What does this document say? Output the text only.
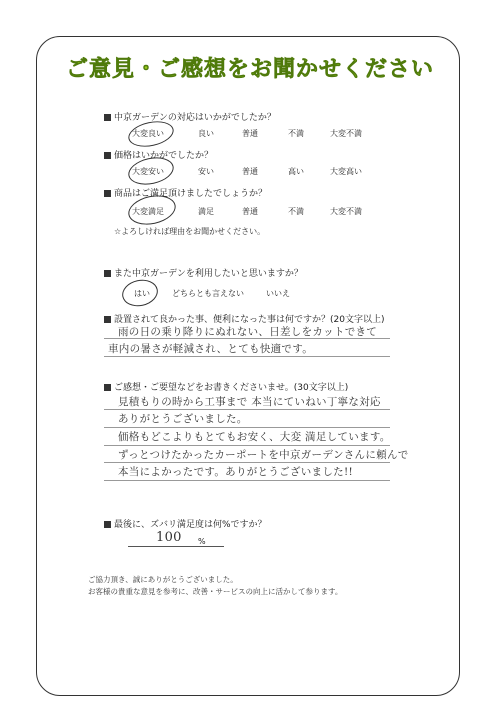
ご意見・ご感想をお聞かせください
中京ガーデンの対応はいかがでしたか？
大変良い	良い	普通	不満	大変不満
価格はいかがでしたか？
大変安い	安い	普通	高い	大変高い
商品はご満足頂けましたでしょうか？
大変満足	満足	普通	不満	大変不満
☆よろしければ理由をお聞かせください。
また中京ガーデンを利用したいと思いますか？
はい	どちらとも言えない	いいえ
設置されて良かった事、便利になった事は何ですか？(20文字以上)
雨の日の乗り降りにぬれない、日差しをカットできて
車内の暑さが軽減され、とても快適です。
ご感想・ご要望などをお書きくださいませ。(30文字以上)
見積もりの時から工事まで 本当にていねい丁寧な対応
ありがとうございました。
価格もどこよりもとてもお安く、大変 満足しています。
ずっとつけたかったカーポートを中京ガーデンさんに頼んで
本当によかったです。ありがとうございました!!
最後に、ズバリ満足度は何%ですか？
100 %
ご協力頂き、誠にありがとうございました。
お客様の貴重な意見を参考に、改善・サービスの向上に活かして参ります。
